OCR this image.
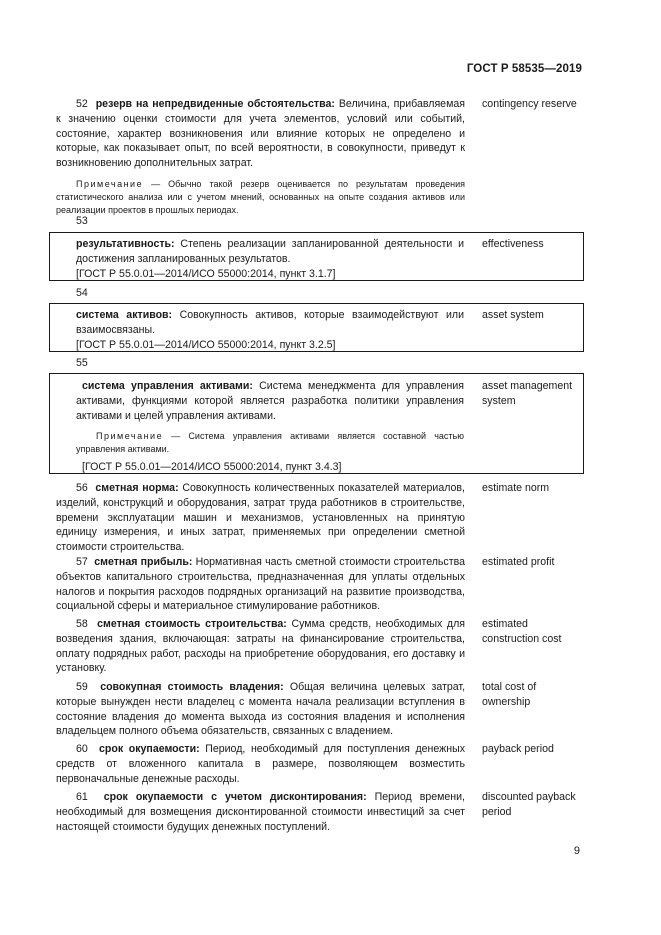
ГОСТ Р 58535—2019

52 резерв на непредвиденные обстоятельства: Величина, прибавляемая к значению оценки стоимости для учета элементов, условий или событий, состояние, характер возникновения или влияние которых не определено и которые, как показывает опыт, по всей вероятности, в совокупности, приведут к возникновению дополнительных затрат.

Примечание — Обычно такой резерв оценивается по результатам проведения статистического анализа или с учетом мнений, основанных на опыте создания активов или реализации проектов в прошлых периодах.

contingency reserve
53

результативность: Степень реализации запланированной деятельности и достижения запланированных результатов.

[ГОСТ Р 55.0.01—2014/ИСО 55000:2014, пункт 3.1.7]

effectiveness
54

система активов: Совокупность активов, которые взаимодействуют или взаимосвязаны.

[ГОСТ Р 55.0.01—2014/ИСО 55000:2014, пункт 3.2.5]

asset system
55

система управления активами: Система менеджмента для управления активами, функциями которой является разработка политики управления активами и целей управления активами.

Примечание — Система управления активами является составной частью управления активами.

[ГОСТ Р 55.0.01—2014/ИСО 55000:2014, пункт 3.4.3]

asset management system

56 сметная норма: Совокупность количественных показателей материалов, изделий, конструкций и оборудования, затрат труда работников в строительстве, времени эксплуатации машин и механизмов, установленных на принятую единицу измерения, и иных затрат, применяемых при определении сметной стоимости строительства.

estimate norm

57 сметная прибыль: Нормативная часть сметной стоимости строительства объектов капитального строительства, предназначенная для уплаты отдельных налогов и покрытия расходов подрядных организаций на развитие производства, социальной сферы и материальное стимулирование работников.

estimated profit

58 сметная стоимость строительства: Сумма средств, необходимых для возведения здания, включающая: затраты на финансирование строительства, оплату подрядных работ, расходы на приобретение оборудования, его доставку и установку.

estimated construction cost

59 совокупная стоимость владения: Общая величина целевых затрат, которые вынужден нести владелец с момента начала реализации вступления в состояние владения до момента выхода из состояния владения и исполнения владельцем полного объема обязательств, связанных с владением.

total cost of ownership

60 срок окупаемости: Период, необходимый для поступления денежных средств от вложенного капитала в размере, позволяющем возместить первоначальные денежные расходы.

payback period

61 срок окупаемости с учетом дисконтирования: Период времени, необходимый для возмещения дисконтированной стоимости инвестиций за счет настоящей стоимости будущих денежных поступлений.

discounted payback period
9
